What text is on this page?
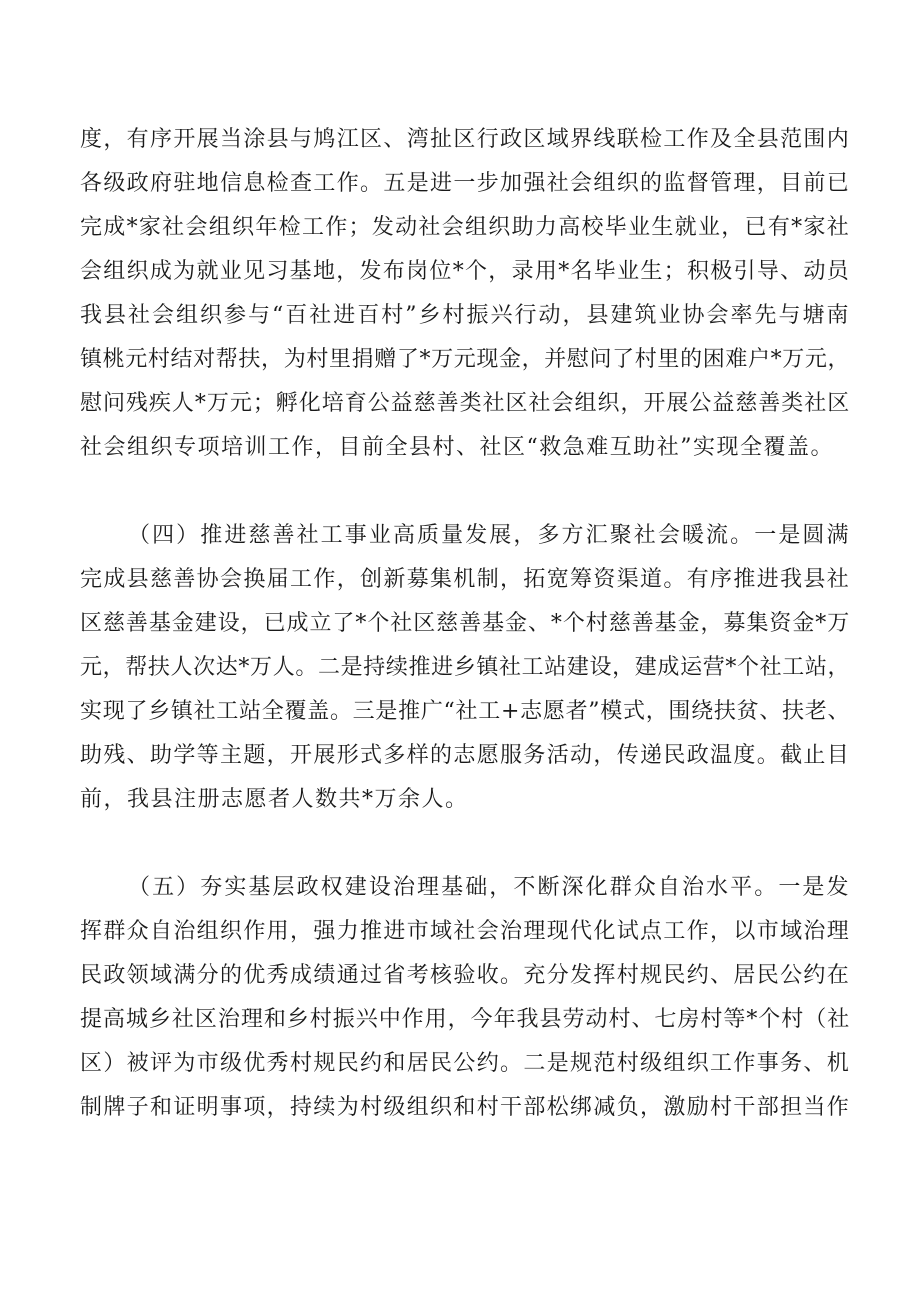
度，有序开展当涂县与鸠江区、湾扯区行政区域界线联检工作及全县范围内
各级政府驻地信息检查工作。五是进一步加强社会组织的监督管理，目前已
完成*家社会组织年检工作；发动社会组织助力高校毕业生就业，已有*家社
会组织成为就业见习基地，发布岗位*个，录用*名毕业生；积极引导、动员
我县社会组织参与“百社进百村”乡村振兴行动，县建筑业协会率先与塘南
镇桃元村结对帮扶，为村里捐赠了*万元现金，并慰问了村里的困难户*万元，
慰问残疾人*万元；孵化培育公益慈善类社区社会组织，开展公益慈善类社区
社会组织专项培训工作，目前全县村、社区“救急难互助社”实现全覆盖。
（四）推进慈善社工事业高质量发展，多方汇聚社会暖流。一是圆满
完成县慈善协会换届工作，创新募集机制，拓宽筹资渠道。有序推进我县社
区慈善基金建设，已成立了*个社区慈善基金、*个村慈善基金，募集资金*万
元，帮扶人次达*万人。二是持续推进乡镇社工站建设，建成运营*个社工站，
实现了乡镇社工站全覆盖。三是推广“社工+志愿者”模式，围绕扶贫、扶老、
助残、助学等主题，开展形式多样的志愿服务活动，传递民政温度。截止目
前，我县注册志愿者人数共*万余人。
（五）夯实基层政权建设治理基础，不断深化群众自治水平。一是发
挥群众自治组织作用，强力推进市域社会治理现代化试点工作，以市域治理
民政领域满分的优秀成绩通过省考核验收。充分发挥村规民约、居民公约在
提高城乡社区治理和乡村振兴中作用，今年我县劳动村、七房村等*个村（社
区）被评为市级优秀村规民约和居民公约。二是规范村级组织工作事务、机
制牌子和证明事项，持续为村级组织和村干部松绑减负，激励村干部担当作
